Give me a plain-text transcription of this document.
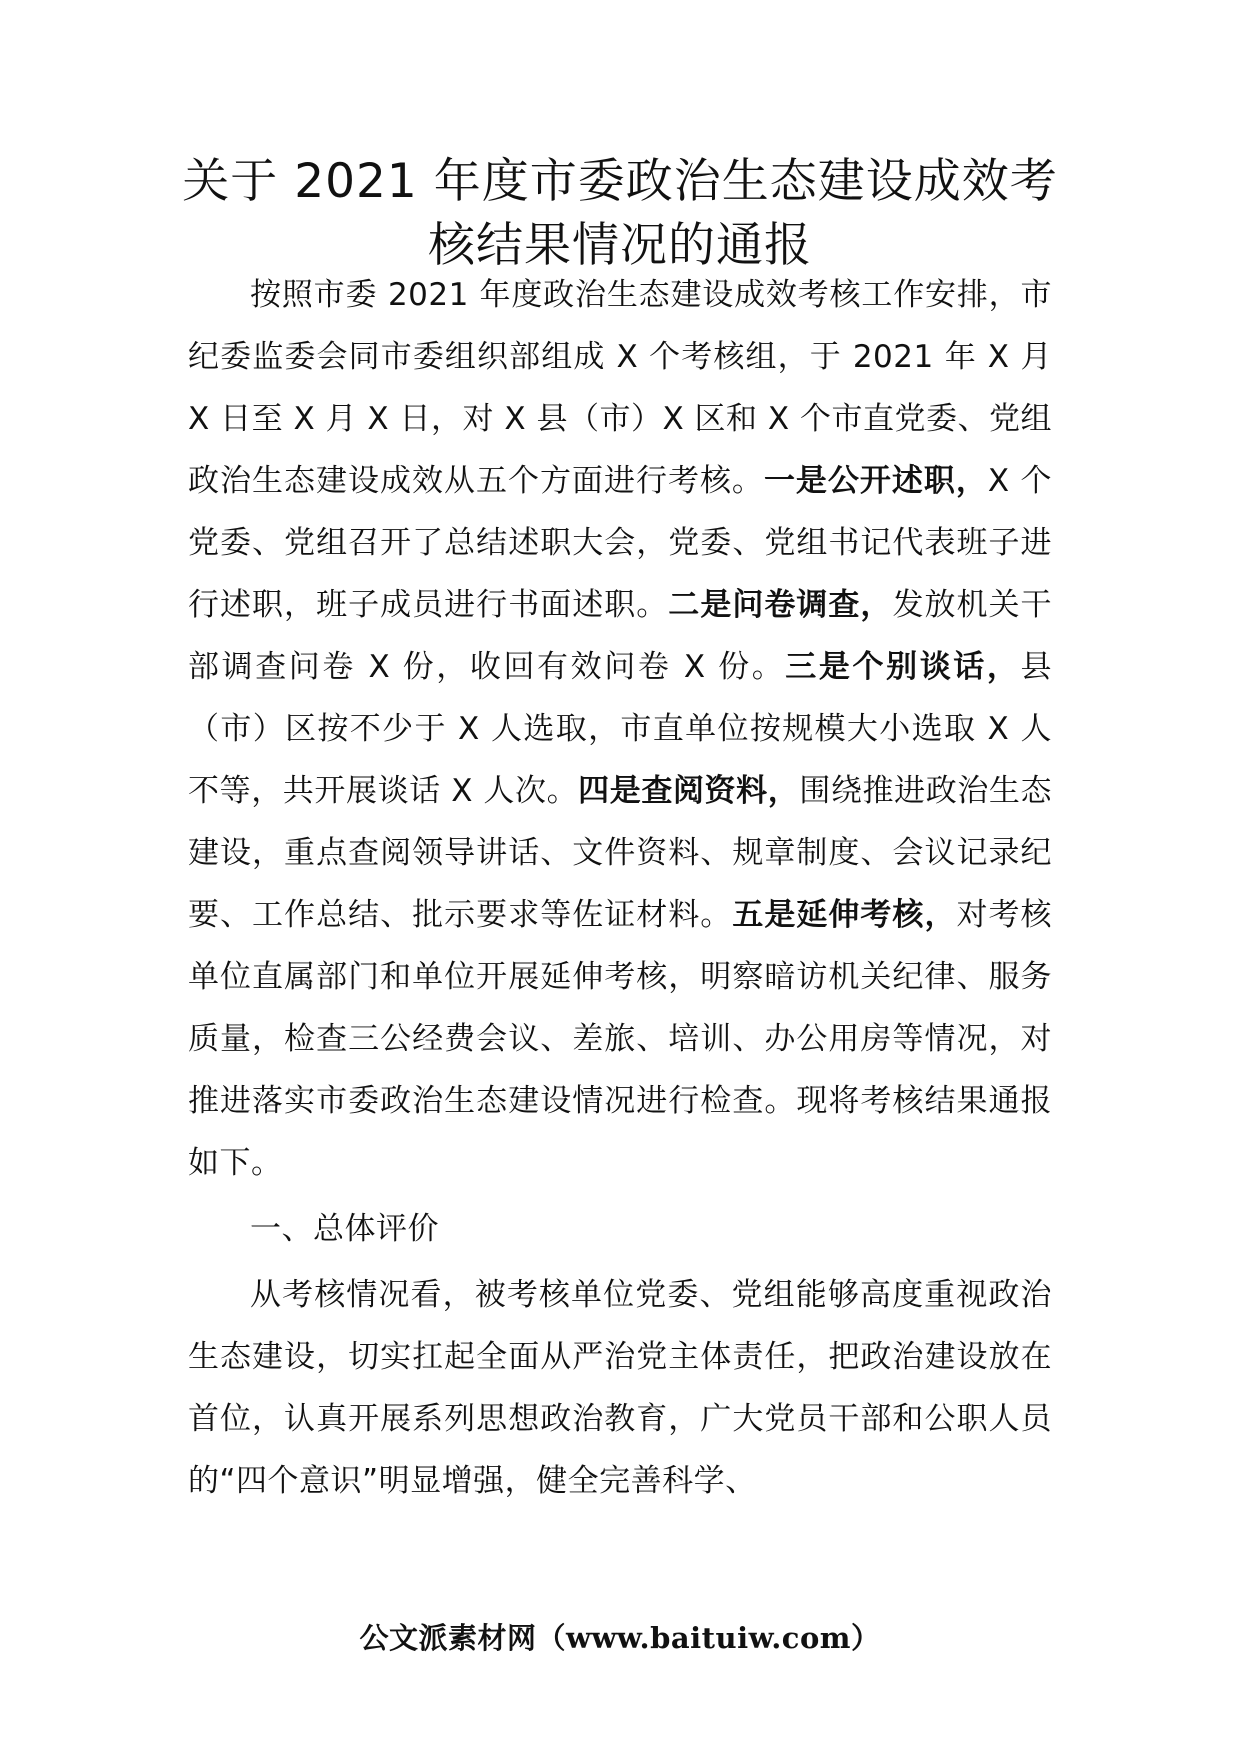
关于 2021 年度市委政治生态建设成效考
核结果情况的通报

按照市委 2021 年度政治生态建设成效考核工作安排，市纪委监委会同市委组织部组成 X 个考核组，于 2021 年 X 月 X 日至 X 月 X 日，对 X 县（市）X 区和 X 个市直党委、党组政治生态建设成效从五个方面进行考核。一是公开述职，X 个党委、党组召开了总结述职大会，党委、党组书记代表班子进行述职，班子成员进行书面述职。二是问卷调查，发放机关干部调查问卷 X 份，收回有效问卷 X 份。三是个别谈话，县（市）区按不少于 X 人选取，市直单位按规模大小选取 X 人不等，共开展谈话 X 人次。四是查阅资料，围绕推进政治生态建设，重点查阅领导讲话、文件资料、规章制度、会议记录纪要、工作总结、批示要求等佐证材料。五是延伸考核，对考核单位直属部门和单位开展延伸考核，明察暗访机关纪律、服务质量，检查三公经费会议、差旅、培训、办公用房等情况，对推进落实市委政治生态建设情况进行检查。现将考核结果通报如下。

一、总体评价

从考核情况看，被考核单位党委、党组能够高度重视政治生态建设，切实扛起全面从严治党主体责任，把政治建设放在首位，认真开展系列思想政治教育，广大党员干部和公职人员的“四个意识”明显增强，健全完善科学、

公文派素材网（www.baituiw.com）
